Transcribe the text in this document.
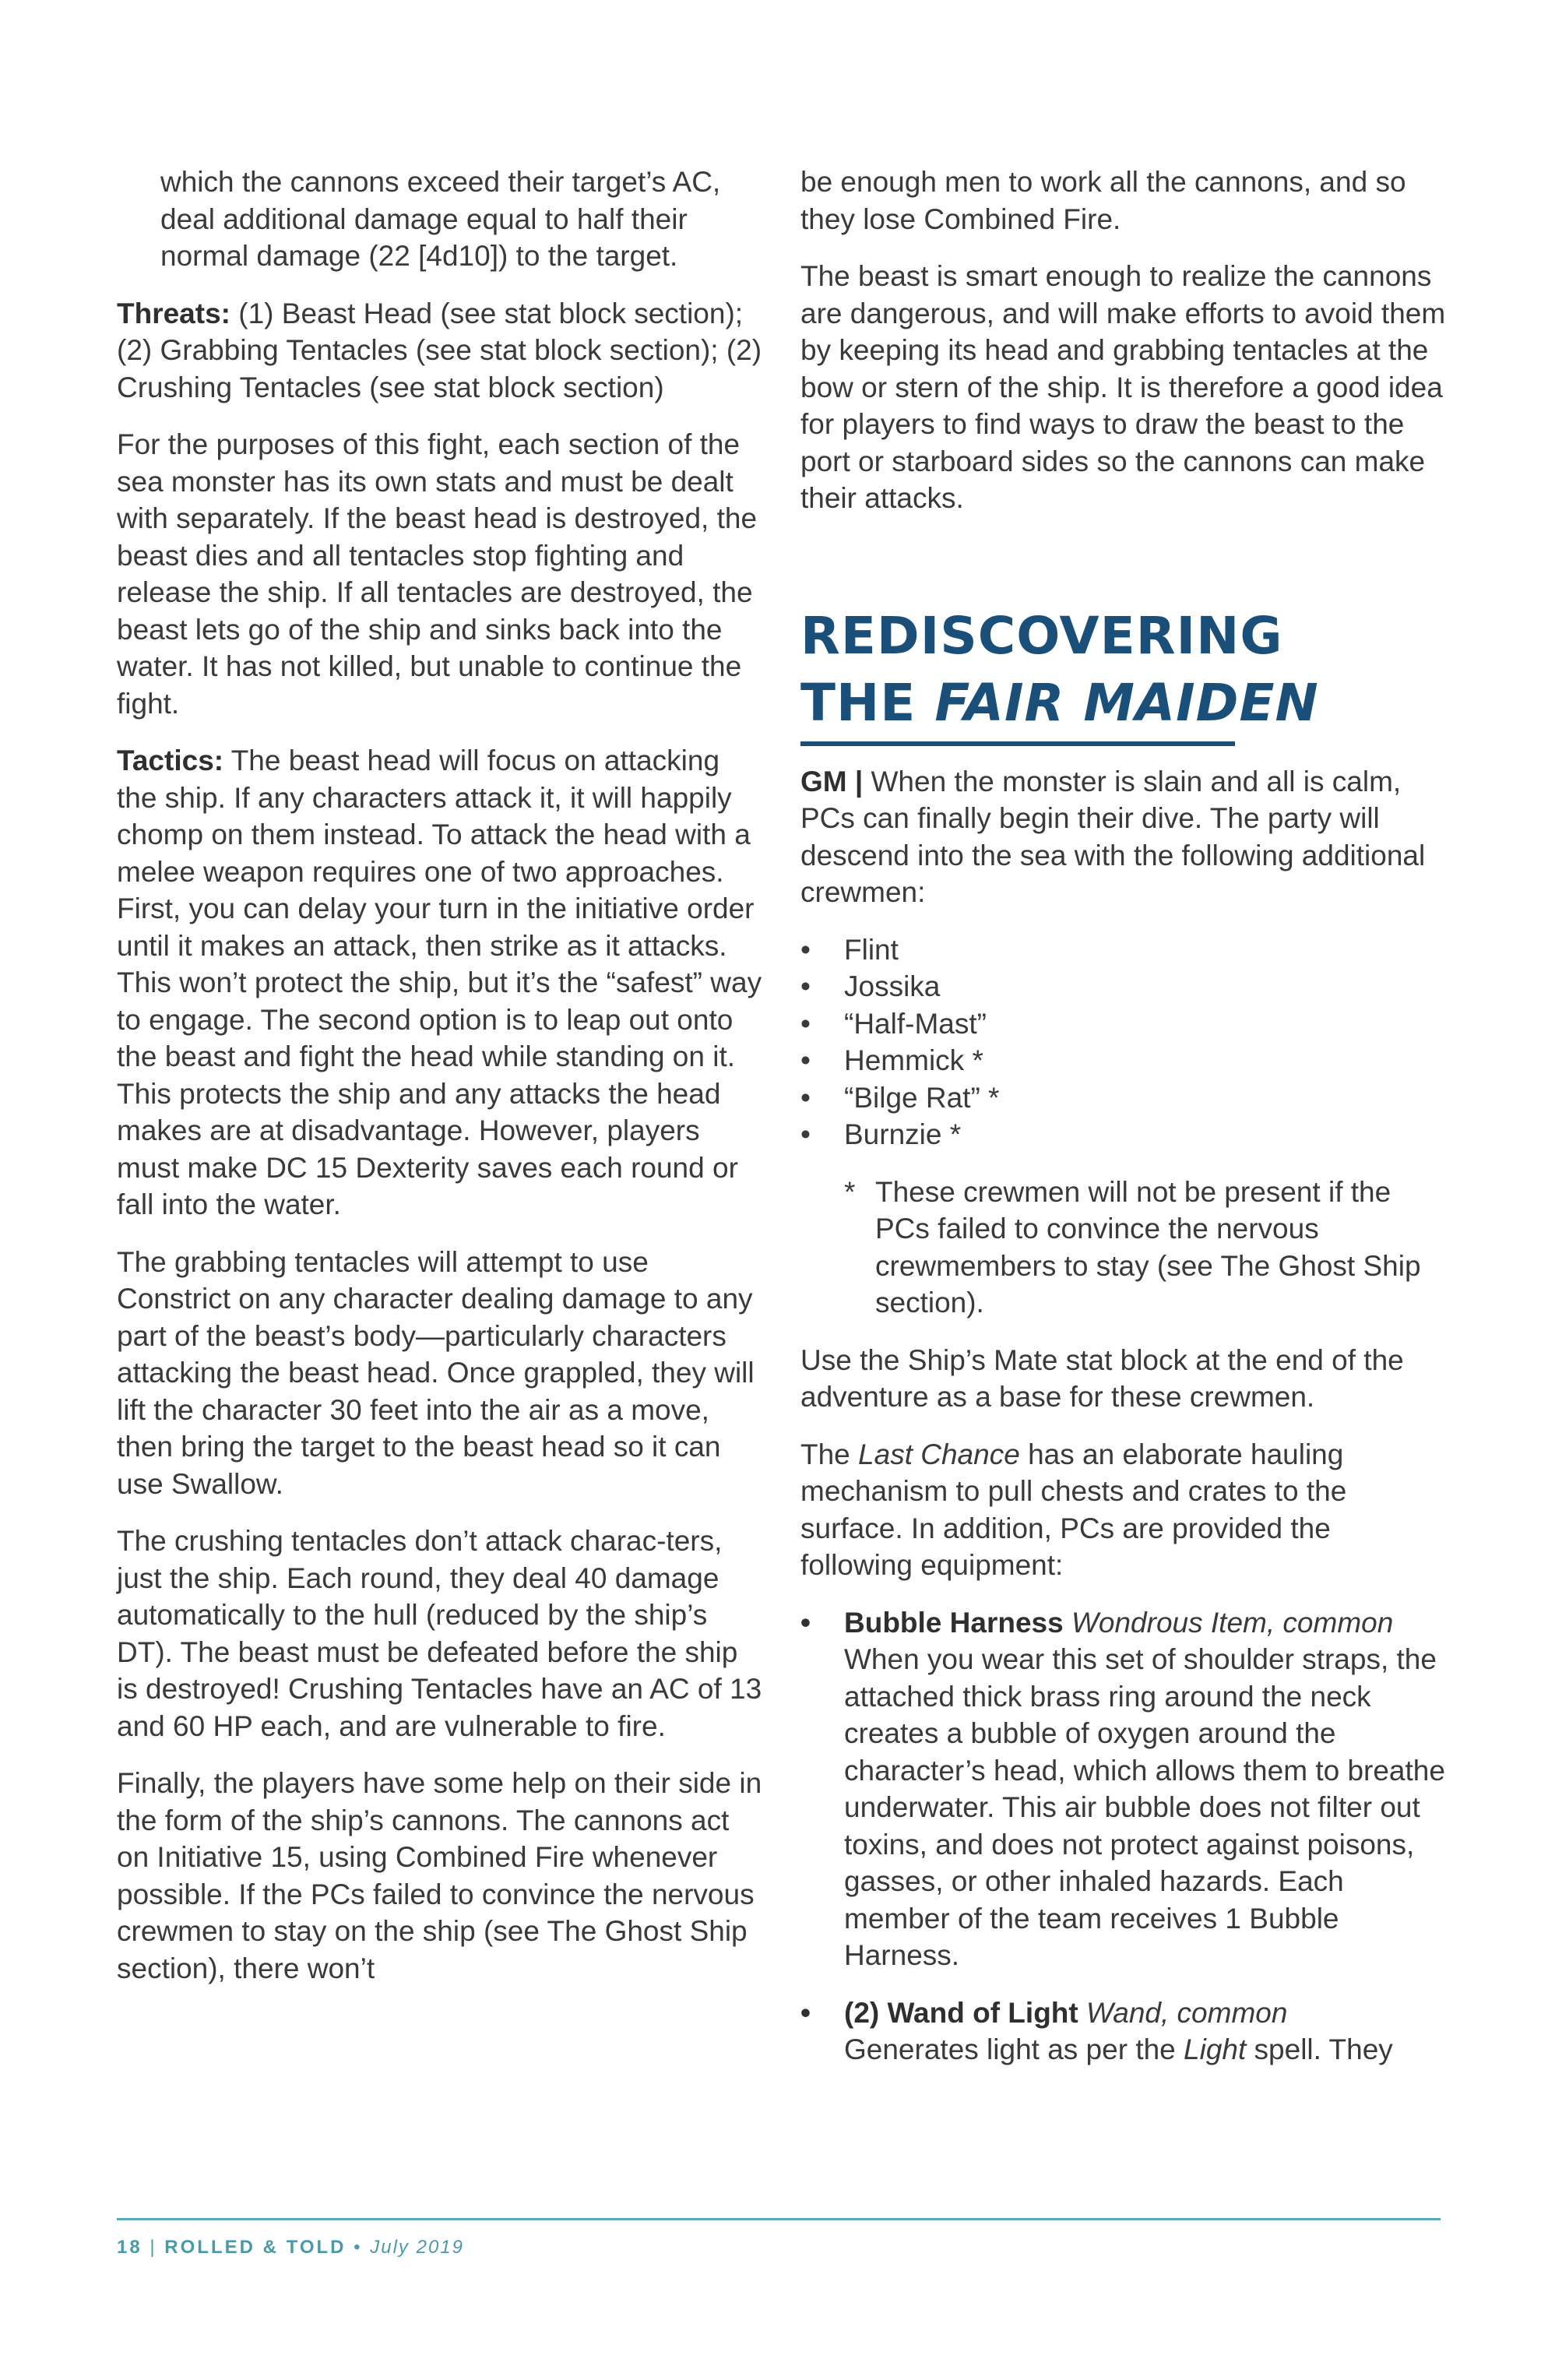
which the cannons exceed their target’s AC, deal additional damage equal to half their normal damage (22 [4d10]) to the target.

Threats: (1) Beast Head (see stat block section); (2) Grabbing Tentacles (see stat block section); (2) Crushing Tentacles (see stat block section)

For the purposes of this fight, each section of the sea monster has its own stats and must be dealt with separately. If the beast head is destroyed, the beast dies and all tentacles stop fighting and release the ship. If all tentacles are destroyed, the beast lets go of the ship and sinks back into the water. It has not killed, but unable to continue the fight.

Tactics: The beast head will focus on attacking the ship. If any characters attack it, it will happily chomp on them instead. To attack the head with a melee weapon requires one of two approaches. First, you can delay your turn in the initiative order until it makes an attack, then strike as it attacks. This won’t protect the ship, but it’s the “safest” way to engage. The second option is to leap out onto the beast and fight the head while standing on it. This protects the ship and any attacks the head makes are at disadvantage. However, players must make DC 15 Dexterity saves each round or fall into the water.

The grabbing tentacles will attempt to use Constrict on any character dealing damage to any part of the beast’s body—particularly characters attacking the beast head. Once grappled, they will lift the character 30 feet into the air as a move, then bring the target to the beast head so it can use Swallow.

The crushing tentacles don’t attack charac-ters, just the ship. Each round, they deal 40 damage automatically to the hull (reduced by the ship’s DT). The beast must be defeated before the ship is destroyed! Crushing Tentacles have an AC of 13 and 60 HP each, and are vulnerable to fire.

Finally, the players have some help on their side in the form of the ship’s cannons. The cannons act on Initiative 15, using Combined Fire whenever possible. If the PCs failed to convince the nervous crewmen to stay on the ship (see The Ghost Ship section), there won’t

be enough men to work all the cannons, and so they lose Combined Fire.

The beast is smart enough to realize the cannons are dangerous, and will make efforts to avoid them by keeping its head and grabbing tentacles at the bow or stern of the ship. It is therefore a good idea for players to find ways to draw the beast to the port or starboard sides so the cannons can make their attacks.

REDISCOVERING
THE FAIR MAIDEN

GM | When the monster is slain and all is calm, PCs can finally begin their dive. The party will descend into the sea with the following additional crewmen:

• Flint
• Jossika
• “Half-Mast”
• Hemmick *
• “Bilge Rat” *
• Burnzie *
* These crewmen will not be present if the PCs failed to convince the nervous crewmembers to stay (see The Ghost Ship section).

Use the Ship’s Mate stat block at the end of the adventure as a base for these crewmen.

The Last Chance has an elaborate hauling mechanism to pull chests and crates to the surface. In addition, PCs are provided the following equipment:

• Bubble Harness Wondrous Item, common
When you wear this set of shoulder straps, the attached thick brass ring around the neck creates a bubble of oxygen around the character’s head, which allows them to breathe underwater. This air bubble does not filter out toxins, and does not protect against poisons, gasses, or other inhaled hazards. Each member of the team receives 1 Bubble Harness.
• (2) Wand of Light Wand, common
Generates light as per the Light spell. They
18 | ROLLED & TOLD • July 2019
